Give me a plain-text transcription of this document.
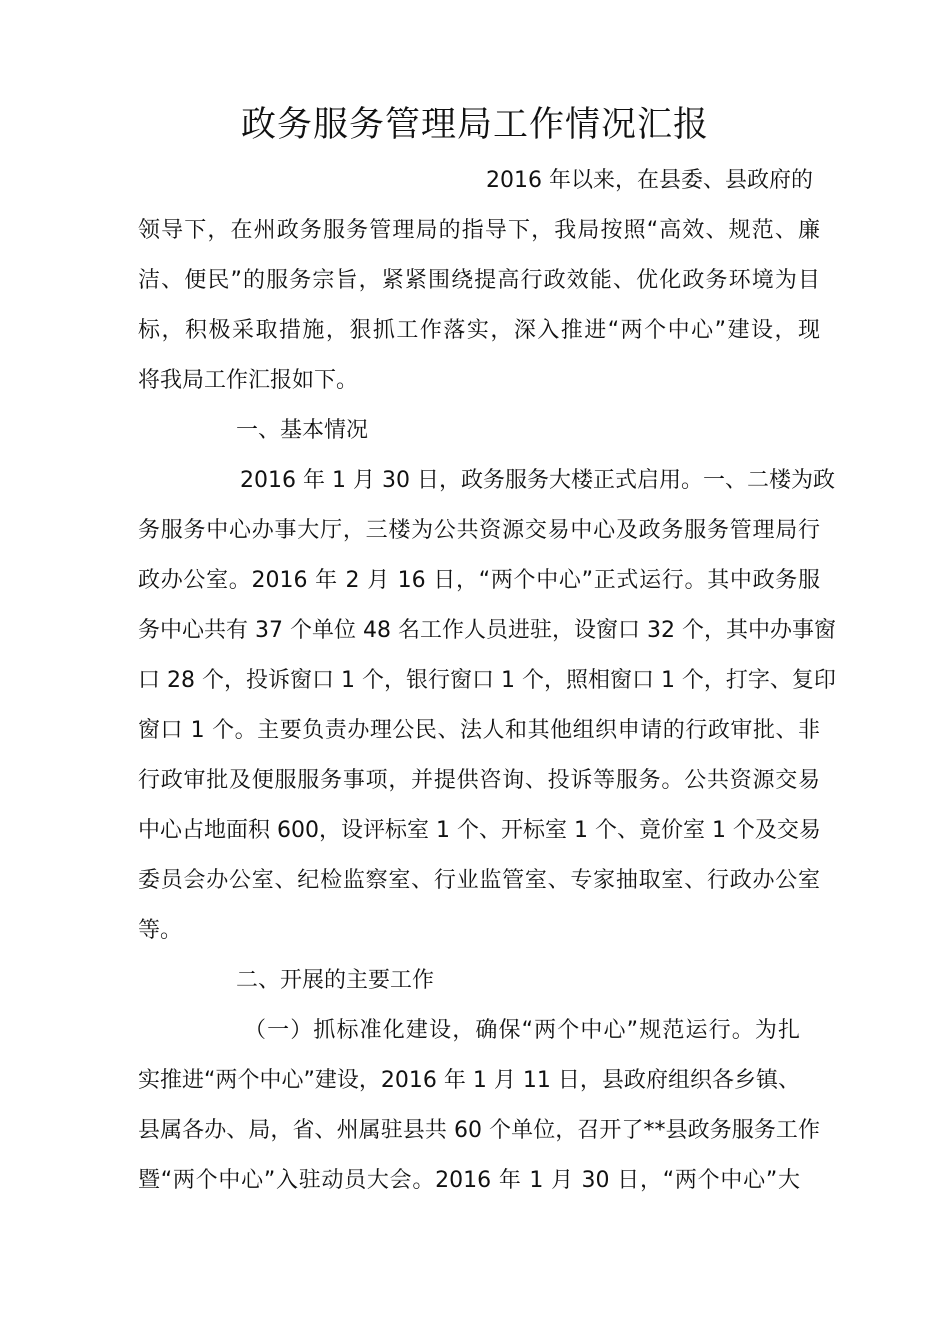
政务服务管理局工作情况汇报
2016 年以来，在县委、县政府的
领导下，在州政务服务管理局的指导下，我局按照“高效、规范、廉
洁、便民”的服务宗旨，紧紧围绕提高行政效能、优化政务环境为目
标，积极采取措施，狠抓工作落实，深入推进“两个中心”建设，现
将我局工作汇报如下。
一、基本情况
2016 年 1 月 30 日，政务服务大楼正式启用。一、二楼为政
务服务中心办事大厅，三楼为公共资源交易中心及政务服务管理局行
政办公室。2016 年 2 月 16 日，“两个中心”正式运行。其中政务服
务中心共有 37 个单位 48 名工作人员进驻，设窗口 32 个，其中办事窗
口 28 个，投诉窗口 1 个，银行窗口 1 个，照相窗口 1 个，打字、复印
窗口 1 个。主要负责办理公民、法人和其他组织申请的行政审批、非
行政审批及便服服务事项，并提供咨询、投诉等服务。公共资源交易
中心占地面积 600，设评标室 1 个、开标室 1 个、竟价室 1 个及交易
委员会办公室、纪检监察室、行业监管室、专家抽取室、行政办公室
等。
二、开展的主要工作
（一）抓标准化建设，确保“两个中心”规范运行。为扎
实推进“两个中心”建设，2016 年 1 月 11 日，县政府组织各乡镇、
县属各办、局，省、州属驻县共 60 个单位，召开了**县政务服务工作
暨“两个中心”入驻动员大会。2016 年 1 月 30 日，“两个中心”大
